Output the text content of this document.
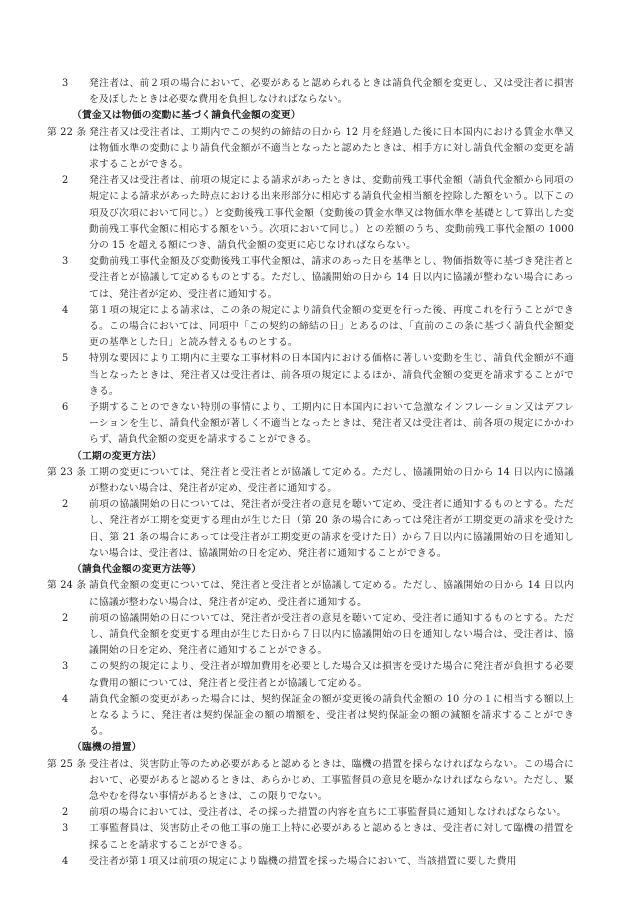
3	発注者は、前２項の場合において、必要があると認められるときは請負代金額を変更し、又は受注者に損害を及ぼしたときは必要な費用を負担しなければならない。
（賃金又は物価の変動に基づく請負代金額の変更）
第 22 条 発注者又は受注者は、工期内でこの契約の締結の日から 12 月を経過した後に日本国内における賃金水準又は物価水準の変動により請負代金額が不適当となったと認めたときは、相手方に対し請負代金額の変更を請求することができる。
2	発注者又は受注者は、前項の規定による請求があったときは、変動前残工事代金額（請負代金額から同項の規定による請求があった時点における出来形部分に相応する請負代金相当額を控除した額をいう。以下この項及び次項において同じ。）と変動後残工事代金額（変動後の賃金水準又は物価水準を基礎として算出した変動前残工事代金額に相応する額をいう。次項において同じ。）との差額のうち、変動前残工事代金額の 1000 分の 15 を超える額につき、請負代金額の変更に応じなければならない。
3	変動前残工事代金額及び変動後残工事代金額は、請求のあった日を基準とし、物価指数等に基づき発注者と受注者とが協議して定めるものとする。ただし、協議開始の日から 14 日以内に協議が整わない場合にあっては、発注者が定め、受注者に通知する。
4	第１項の規定による請求は、この条の規定により請負代金額の変更を行った後、再度これを行うことができる。この場合においては、同項中「この契約の締結の日」とあるのは、「直前のこの条に基づく請負代金額変更の基準とした日」と読み替えるものとする。
5	特別な要因により工期内に主要な工事材料の日本国内における価格に著しい変動を生じ、請負代金額が不適当となったときは、発注者又は受注者は、前各項の規定によるほか、請負代金額の変更を請求することができる。
6	予期することのできない特別の事情により、工期内に日本国内において急激なインフレーション又はデフレーションを生じ、請負代金額が著しく不適当となったときは、発注者又は受注者は、前各項の規定にかかわらず、請負代金額の変更を請求することができる。
（工期の変更方法）
第 23 条 工期の変更については、発注者と受注者とが協議して定める。ただし、協議開始の日から 14 日以内に協議が整わない場合は、発注者が定め、受注者に通知する。
2	前項の協議開始の日については、発注者が受注者の意見を聴いて定め、受注者に通知するものとする。ただし、発注者が工期を変更する理由が生じた日（第 20 条の場合にあっては発注者が工期変更の請求を受けた日、第 21 条の場合にあっては受注者が工期変更の請求を受けた日）から７日以内に協議開始の日を通知しない場合は、受注者は、協議開始の日を定め、発注者に通知することができる。
（請負代金額の変更方法等）
第 24 条 請負代金額の変更については、発注者と受注者とが協議して定める。ただし、協議開始の日から 14 日以内に協議が整わない場合は、発注者が定め、受注者に通知する。
2	前項の協議開始の日については、発注者が受注者の意見を聴いて定め、受注者に通知するものとする。ただし、請負代金額を変更する理由が生じた日から７日以内に協議開始の日を通知しない場合は、受注者は、協議開始の日を定め、発注者に通知することができる。
3	この契約の規定により、受注者が増加費用を必要とした場合又は損害を受けた場合に発注者が負担する必要な費用の額については、発注者と受注者とが協議して定める。
4	請負代金額の変更があった場合には、契約保証金の額が変更後の請負代金額の 10 分の１に相当する額以上となるように、発注者は契約保証金の額の増額を、受注者は契約保証金の額の減額を請求することができる。
（臨機の措置）
第 25 条 受注者は、災害防止等のため必要があると認めるときは、臨機の措置を採らなければならない。この場合において、必要があると認めるときは、あらかじめ、工事監督員の意見を聴かなければならない。ただし、緊急やむを得ない事情があるときは、この限りでない。
2	前項の場合においては、受注者は、その採った措置の内容を直ちに工事監督員に通知しなければならない。
3	工事監督員は、災害防止その他工事の施工上特に必要があると認めるときは、受注者に対して臨機の措置を採ることを請求することができる。
4	受注者が第１項又は前項の規定により臨機の措置を採った場合において、当該措置に要した費用
